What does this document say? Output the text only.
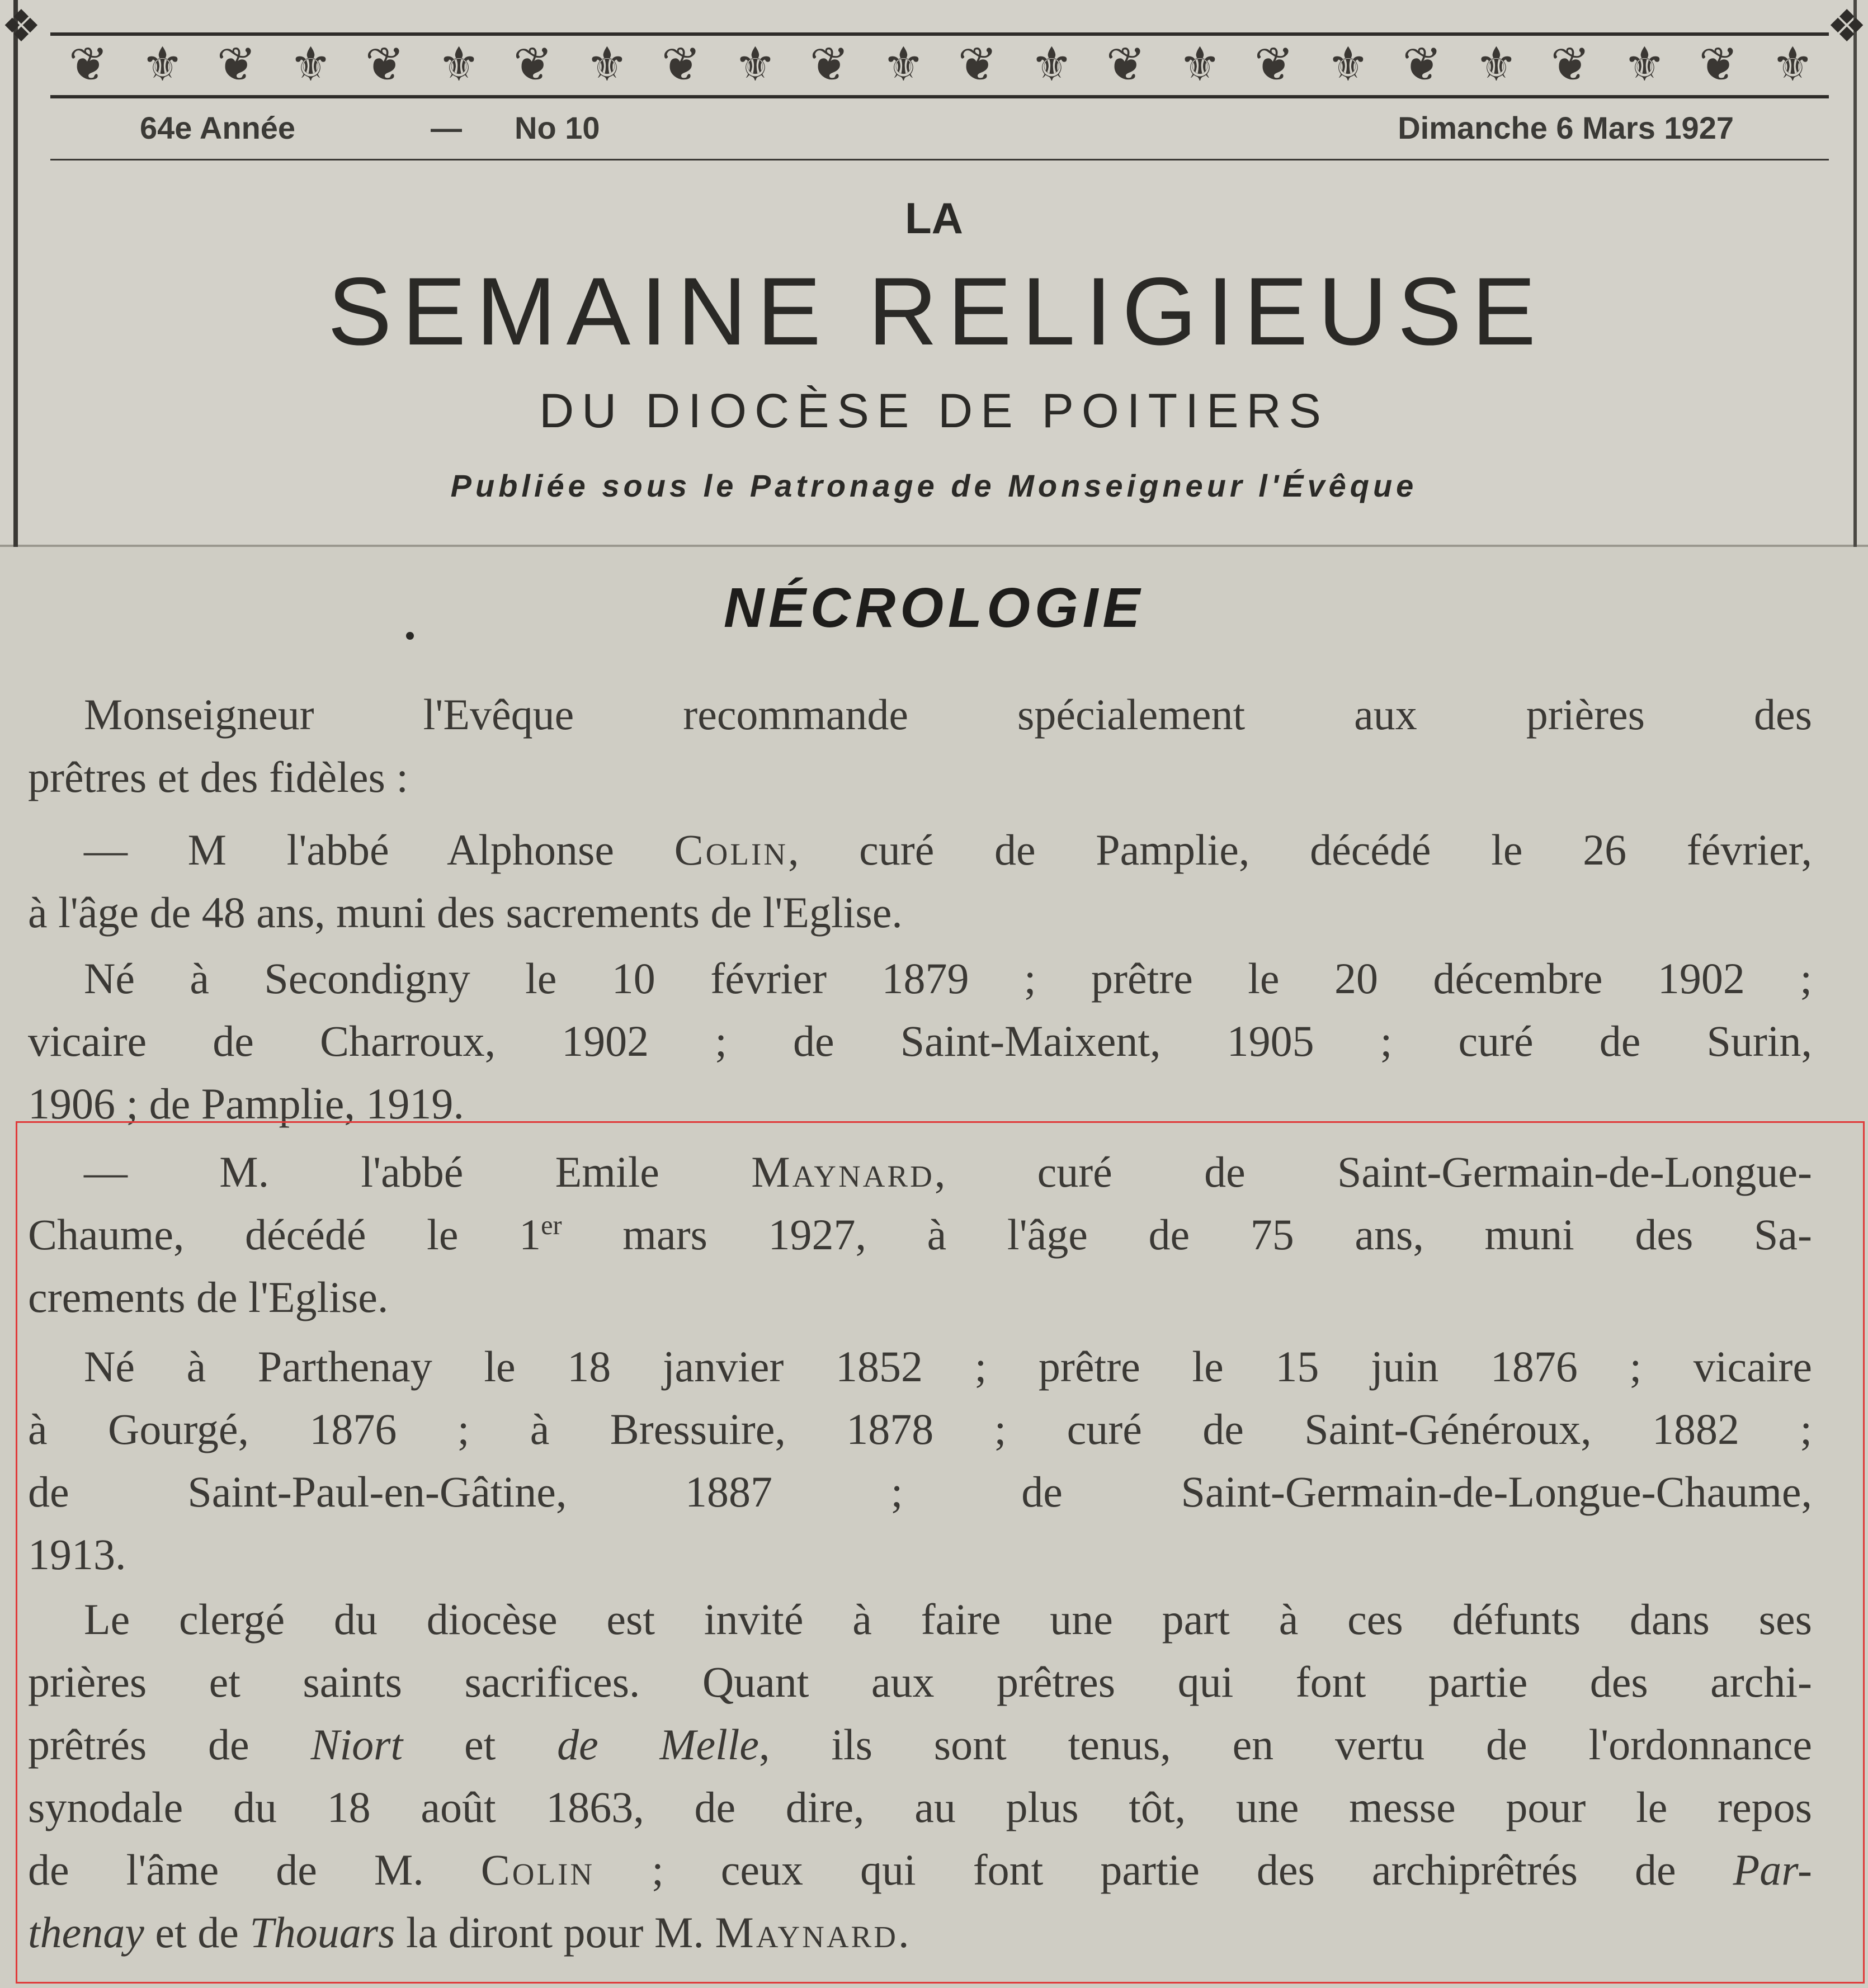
❖	❖
❦ ⚜ ❦ ⚜ ❦ ⚜ ❦ ⚜ ❦ ⚜ ❦ ⚜ ❦ ⚜ ❦ ⚜ ❦ ⚜ ❦ ⚜ ❦ ⚜ ❦ ⚜
64e Année	— No 10	Dimanche 6 Mars 1927
LA
SEMAINE RELIGIEUSE
DU DIOCÈSE DE POITIERS
Publiée sous le Patronage de Monseigneur l'Évêque
NÉCROLOGIE

Monseigneur l'Evêque recommande spécialement aux prières des
prêtres et des fidèles :

— M l'abbé Alphonse Colin, curé de Pamplie, décédé le 26 février,
à l'âge de 48 ans, muni des sacrements de l'Eglise.

Né à Secondigny le 10 février 1879 ; prêtre le 20 décembre 1902 ;
vicaire de Charroux, 1902 ; de Saint-Maixent, 1905 ; curé de Surin,
1906 ; de Pamplie, 1919.

— M. l'abbé Emile Maynard, curé de Saint-Germain-de-Longue-
Chaume, décédé le 1er mars 1927, à l'âge de 75 ans, muni des Sa-
crements de l'Eglise.

Né à Parthenay le 18 janvier 1852 ; prêtre le 15 juin 1876 ; vicaire
à Gourgé, 1876 ; à Bressuire, 1878 ; curé de Saint-Généroux, 1882 ;
de Saint-Paul-en-Gâtine, 1887 ; de Saint-Germain-de-Longue-Chaume,
1913.

Le clergé du diocèse est invité à faire une part à ces défunts dans ses
prières et saints sacrifices. Quant aux prêtres qui font partie des archi-
prêtrés de Niort et de Melle, ils sont tenus, en vertu de l'ordonnance
synodale du 18 août 1863, de dire, au plus tôt, une messe pour le repos
de l'âme de M. Colin ; ceux qui font partie des archiprêtrés de Par-
thenay et de Thouars la diront pour M. Maynard.
